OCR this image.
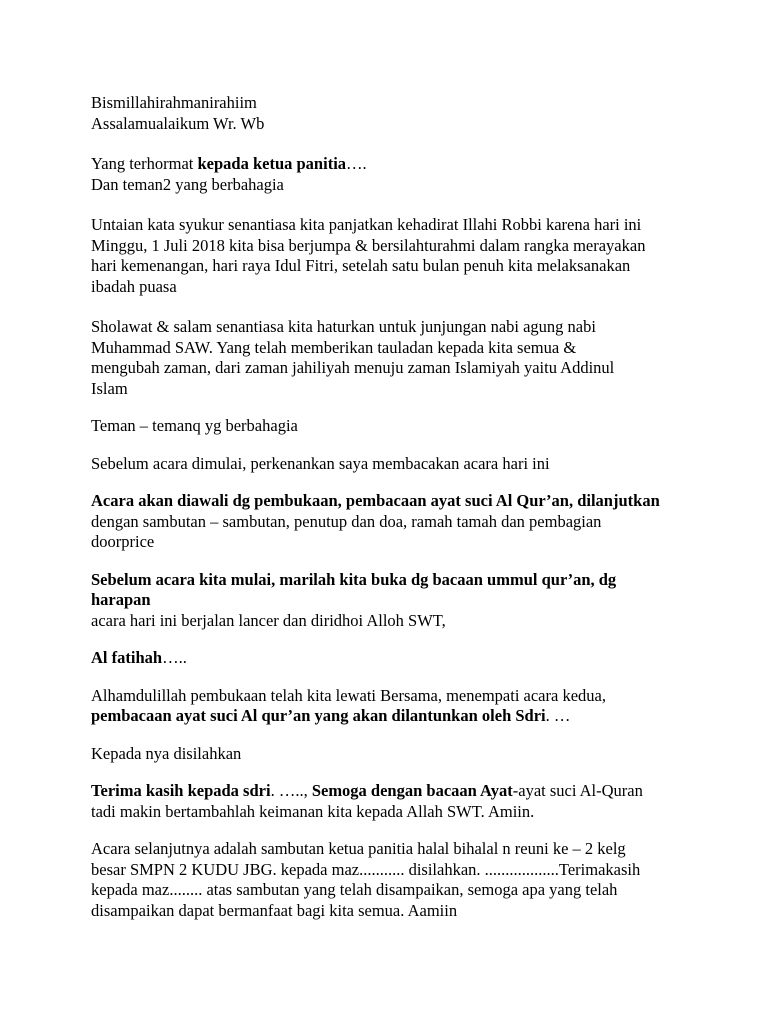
Bismillahirahmanirahiim
Assalamualaikum Wr. Wb

Yang terhormat kepada ketua panitia….
Dan teman2 yang berbahagia

Untaian kata syukur senantiasa kita panjatkan kehadirat Illahi Robbi karena hari ini
Minggu, 1 Juli 2018 kita bisa berjumpa & bersilahturahmi dalam rangka merayakan
hari kemenangan, hari raya Idul Fitri, setelah satu bulan penuh kita melaksanakan
ibadah puasa

Sholawat & salam senantiasa kita haturkan untuk junjungan nabi agung nabi
Muhammad SAW. Yang telah memberikan tauladan kepada kita semua &
mengubah zaman, dari zaman jahiliyah menuju zaman Islamiyah yaitu Addinul
Islam

Teman – temanq yg berbahagia

Sebelum acara dimulai, perkenankan saya membacakan acara hari ini

Acara akan diawali dg pembukaan, pembacaan ayat suci Al Qur’an, dilanjutkan
dengan sambutan – sambutan, penutup dan doa, ramah tamah dan pembagian
doorprice

Sebelum acara kita mulai, marilah kita buka dg bacaan ummul qur’an, dg harapan
acara hari ini berjalan lancer dan diridhoi Alloh SWT,

Al fatihah…..

Alhamdulillah pembukaan telah kita lewati Bersama, menempati acara kedua,
pembacaan ayat suci Al qur’an yang akan dilantunkan oleh Sdri. …

Kepada nya disilahkan

Terima kasih kepada sdri. ….., Semoga dengan bacaan Ayat-ayat suci Al-Quran
tadi makin bertambahlah keimanan kita kepada Allah SWT. Amiin.

Acara selanjutnya adalah sambutan ketua panitia halal bihalal n reuni ke – 2 kelg
besar SMPN 2 KUDU JBG. kepada maz........... disilahkan. ..................Terimakasih
kepada maz........ atas sambutan yang telah disampaikan, semoga apa yang telah
disampaikan dapat bermanfaat bagi kita semua. Aamiin
